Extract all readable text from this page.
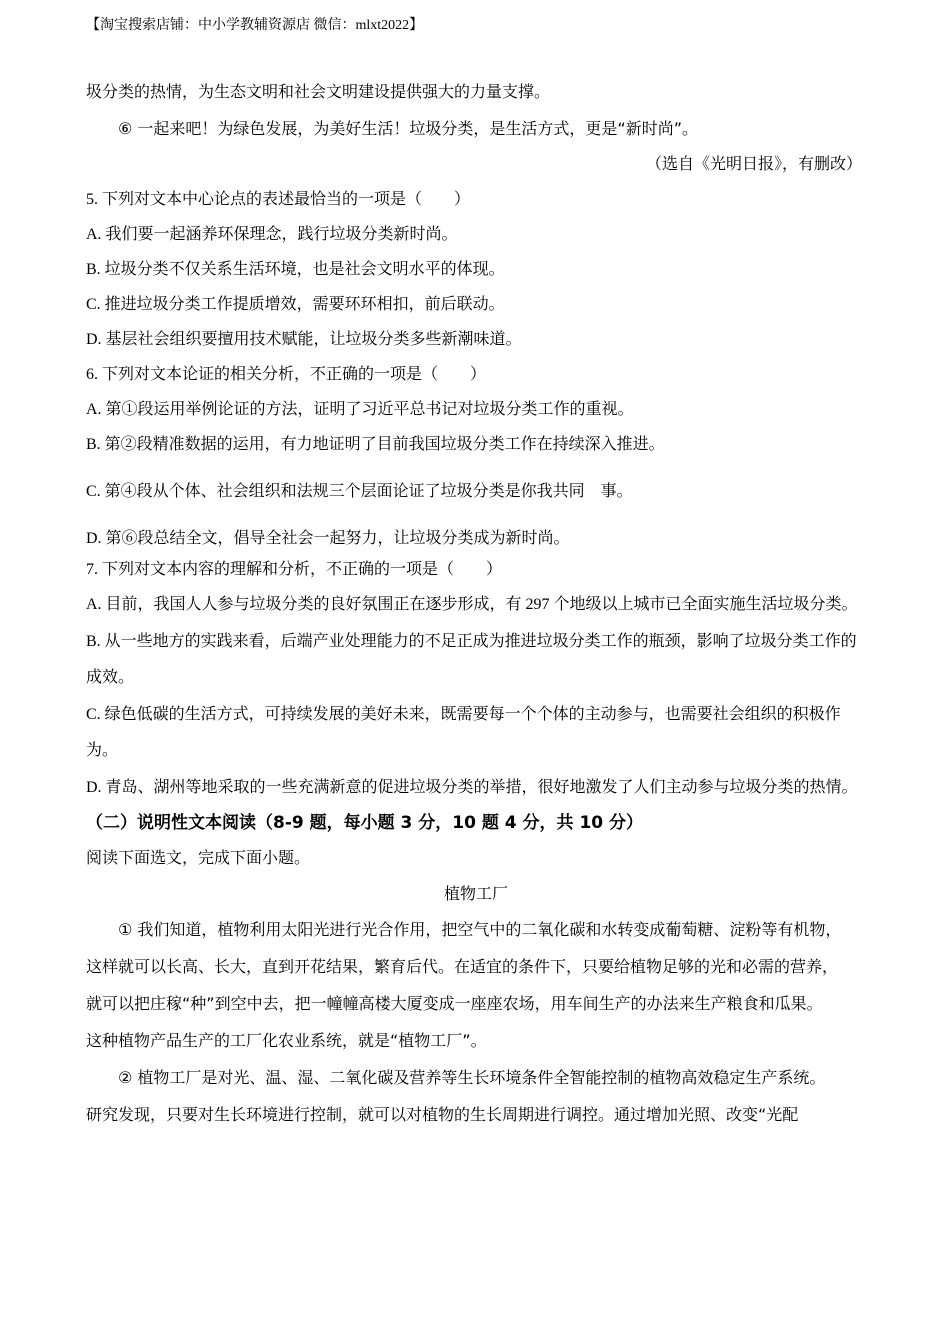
【淘宝搜索店铺：中小学教辅资源店 微信：mlxt2022】
圾分类的热情，为生态文明和社会文明建设提供强大的力量支撑。
⑥ 一起来吧！为绿色发展，为美好生活！垃圾分类，是生活方式，更是“新时尚”。
（选自《光明日报》，有删改）
5. 下列对文本中心论点的表述最恰当的一项是（　　）
A. 我们要一起涵养环保理念，践行垃圾分类新时尚。
B. 垃圾分类不仅关系生活环境，也是社会文明水平的体现。
C. 推进垃圾分类工作提质增效，需要环环相扣，前后联动。
D. 基层社会组织要擅用技术赋能，让垃圾分类多些新潮味道。
6. 下列对文本论证的相关分析，不正确的一项是（　　）
A. 第①段运用举例论证的方法，证明了习近平总书记对垃圾分类工作的重视。
B. 第②段精准数据的运用，有力地证明了目前我国垃圾分类工作在持续深入推进。
C. 第④段从个体、社会组织和法规三个层面论证了垃圾分类是你我共同　事。
D. 第⑥段总结全文，倡导全社会一起努力，让垃圾分类成为新时尚。
7. 下列对文本内容的理解和分析，不正确的一项是（　　）
A. 目前，我国人人参与垃圾分类的良好氛围正在逐步形成，有 297 个地级以上城市已全面实施生活垃圾分类。
B. 从一些地方的实践来看，后端产业处理能力的不足正成为推进垃圾分类工作的瓶颈，影响了垃圾分类工作的成效。
C. 绿色低碳的生活方式，可持续发展的美好未来，既需要每一个个体的主动参与，也需要社会组织的积极作为。
D. 青岛、湖州等地采取的一些充满新意的促进垃圾分类的举措，很好地激发了人们主动参与垃圾分类的热情。
（二）说明性文本阅读（8-9 题，每小题 3 分，10 题 4 分，共 10 分）
阅读下面选文，完成下面小题。
植物工厂
① 我们知道，植物利用太阳光进行光合作用，把空气中的二氧化碳和水转变成葡萄糖、淀粉等有机物，
这样就可以长高、长大，直到开花结果，繁育后代。在适宜的条件下，只要给植物足够的光和必需的营养，
就可以把庄稼“种”到空中去，把一幢幢高楼大厦变成一座座农场，用车间生产的办法来生产粮食和瓜果。
这种植物产品生产的工厂化农业系统，就是“植物工厂”。
② 植物工厂是对光、温、湿、二氧化碳及营养等生长环境条件全智能控制的植物高效稳定生产系统。
研究发现，只要对生长环境进行控制，就可以对植物的生长周期进行调控。通过增加光照、改变“光配
